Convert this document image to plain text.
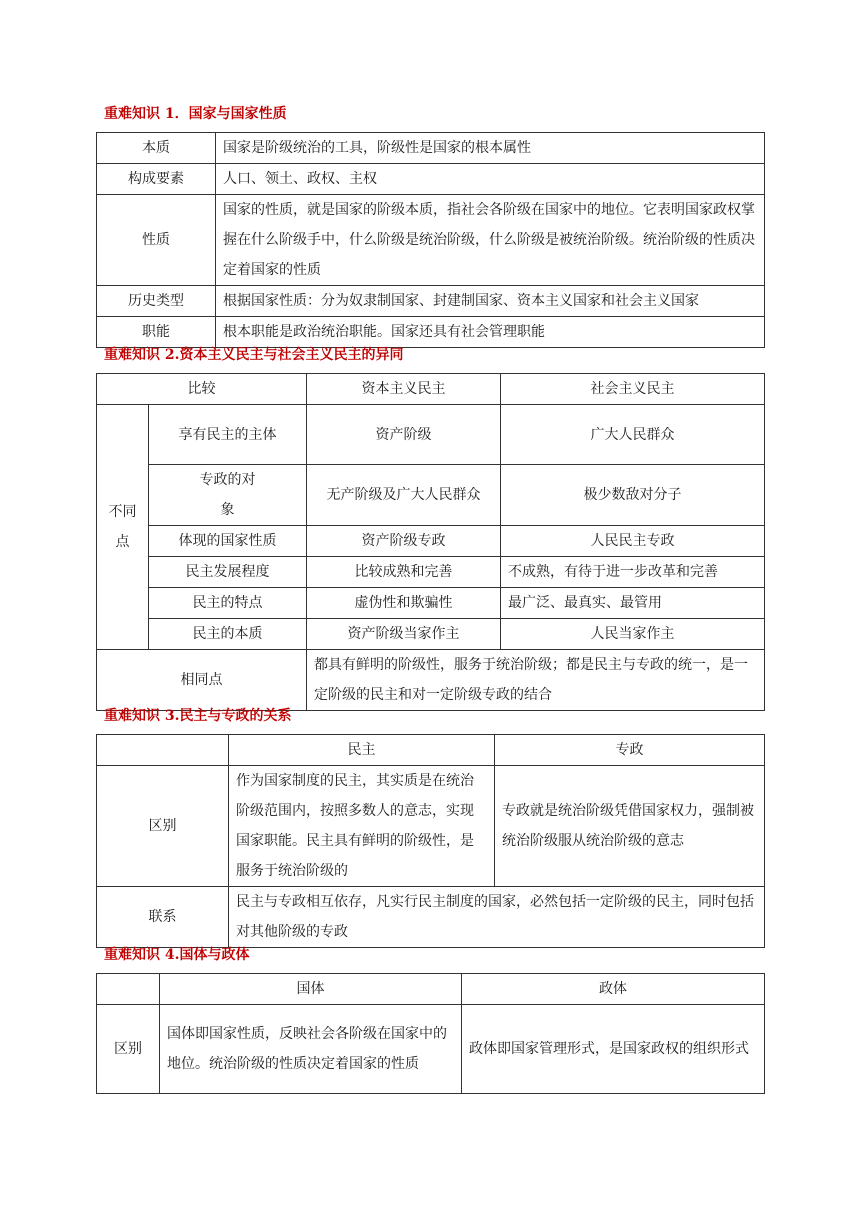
重难知识 1．国家与国家性质
本质	国家是阶级统治的工具，阶级性是国家的根本属性
构成要素	人口、领土、政权、主权
性质	国家的性质，就是国家的阶级本质，指社会各阶级在国家中的地位。它表明国家政权掌握在什么阶级手中，什么阶级是统治阶级，什么阶级是被统治阶级。统治阶级的性质决定着国家的性质
历史类型	根据国家性质：分为奴隶制国家、封建制国家、资本主义国家和社会主义国家
职能	根本职能是政治统治职能。国家还具有社会管理职能
重难知识 2.资本主义民主与社会主义民主的异同
比较		资本主义民主	社会主义民主
不同点	享有民主的主体	资产阶级	广大人民群众
	专政的对象	无产阶级及广大人民群众	极少数敌对分子
	体现的国家性质	资产阶级专政	人民民主专政
	民主发展程度	比较成熟和完善	不成熟，有待于进一步改革和完善
	民主的特点	虚伪性和欺骗性	最广泛、最真实、最管用
	民主的本质	资产阶级当家作主	人民当家作主
相同点		都具有鲜明的阶级性，服务于统治阶级；都是民主与专政的统一，是一定阶级的民主和对一定阶级专政的结合	
重难知识 3.民主与专政的关系
	民主	专政
区别	作为国家制度的民主，其实质是在统治阶级范围内，按照多数人的意志，实现国家职能。民主具有鲜明的阶级性，是服务于统治阶级的	专政就是统治阶级凭借国家权力，强制被统治阶级服从统治阶级的意志
联系	民主与专政相互依存，凡实行民主制度的国家，必然包括一定阶级的民主，同时包括对其他阶级的专政	
重难知识 4.国体与政体
	国体	政体
区别	国体即国家性质，反映社会各阶级在国家中的地位。统治阶级的性质决定着国家的性质	政体即国家管理形式，是国家政权的组织形式
